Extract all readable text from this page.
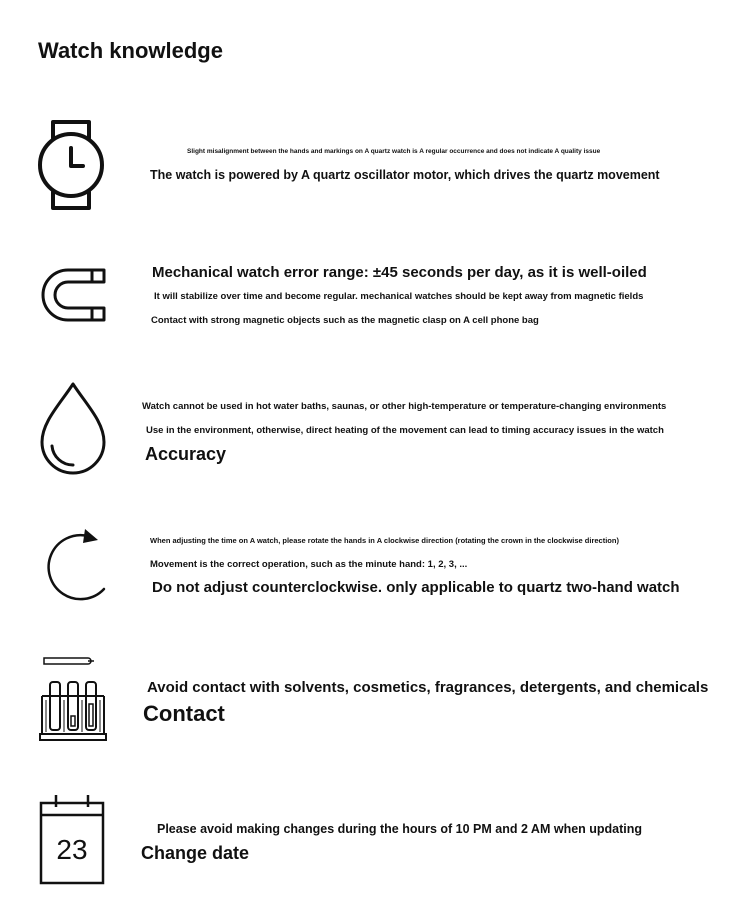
Watch knowledge
Slight misalignment between the hands and markings on A quartz watch is A regular occurrence and does not indicate A quality issue
The watch is powered by A quartz oscillator motor, which drives the quartz movement
Mechanical watch error range: ±45 seconds per day, as it is well-oiled
It will stabilize over time and become regular. mechanical watches should be kept away from magnetic fields
Contact with strong magnetic objects such as the magnetic clasp on A cell phone bag
Watch cannot be used in hot water baths, saunas, or other high-temperature or temperature-changing environments
Use in the environment, otherwise, direct heating of the movement can lead to timing accuracy issues in the watch
Accuracy
When adjusting the time on A watch, please rotate the hands in A clockwise direction (rotating the crown in the clockwise direction)
Movement is the correct operation, such as the minute hand: 1, 2, 3, ...
Do not adjust counterclockwise. only applicable to quartz two-hand watch
Avoid contact with solvents, cosmetics, fragrances, detergents, and chemicals
Contact
23
Please avoid making changes during the hours of 10 PM and 2 AM when updating
Change date
